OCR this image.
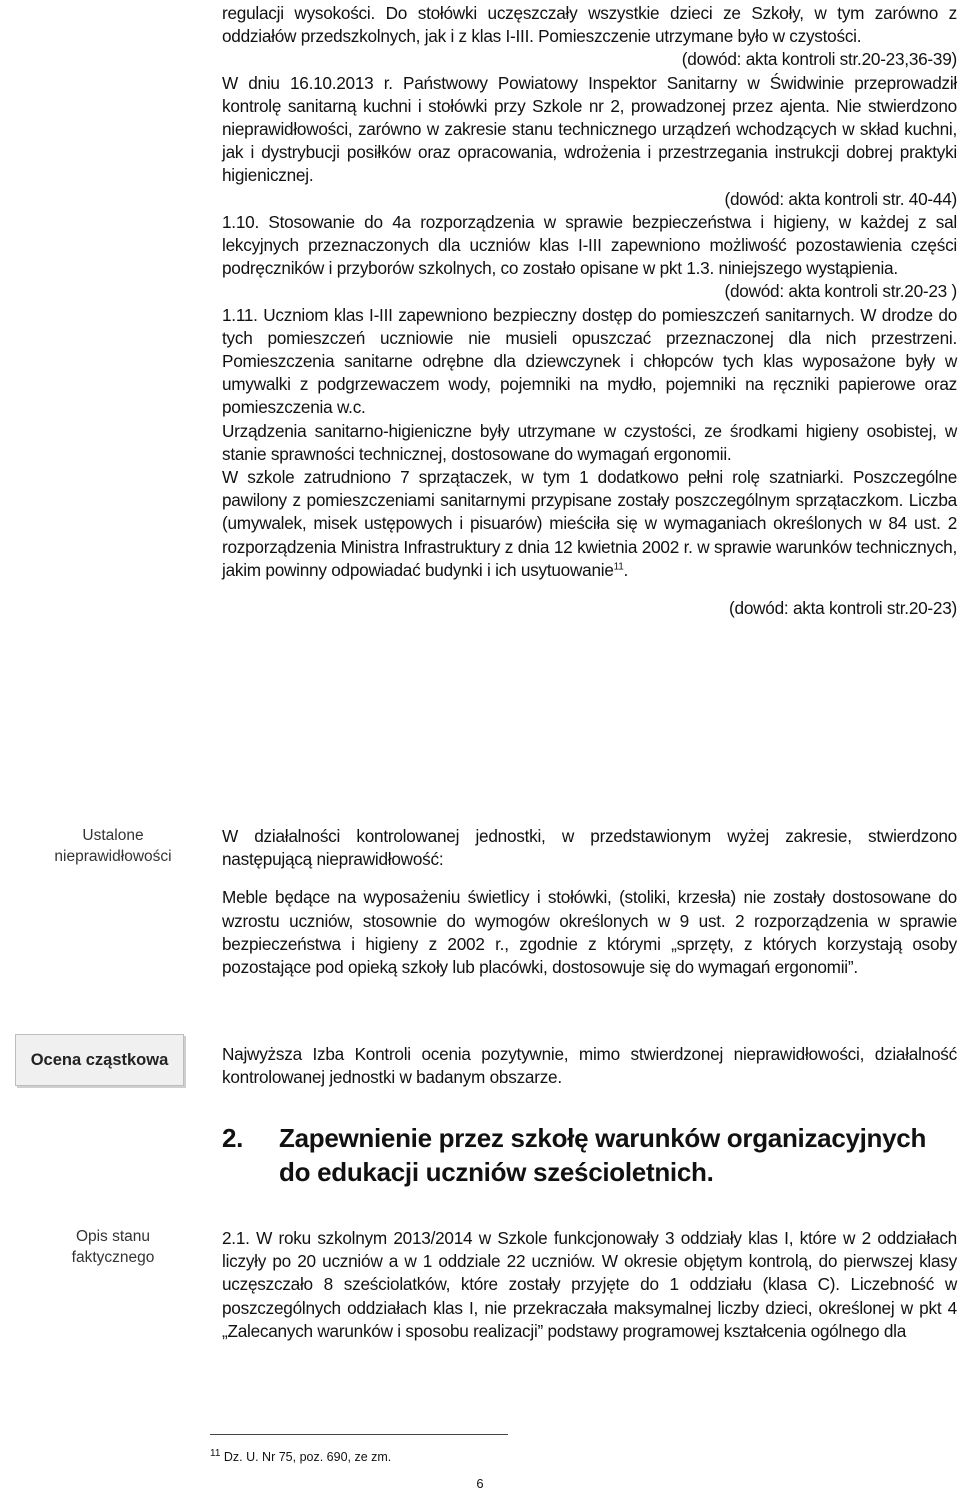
regulacji wysokości. Do stołówki uczęszczały wszystkie dzieci ze Szkoły, w tym zarówno z oddziałów przedszkolnych, jak i z klas I-III. Pomieszczenie utrzymane było w czystości.

(dowód: akta kontroli str.20-23,36-39)

W dniu 16.10.2013 r. Państwowy Powiatowy Inspektor Sanitarny w Świdwinie przeprowadził kontrolę sanitarną kuchni i stołówki przy Szkole nr 2, prowadzonej przez ajenta. Nie stwierdzono nieprawidłowości, zarówno w zakresie stanu technicznego urządzeń wchodzących w skład kuchni, jak i dystrybucji posiłków oraz opracowania, wdrożenia i przestrzegania instrukcji dobrej praktyki higienicznej.

(dowód: akta kontroli str. 40-44)

1.10. Stosowanie do 4a rozporządzenia w sprawie bezpieczeństwa i higieny, w każdej z sal lekcyjnych przeznaczonych dla uczniów klas I-III zapewniono możliwość pozostawienia części podręczników i przyborów szkolnych, co zostało opisane w pkt 1.3. niniejszego wystąpienia.

(dowód: akta kontroli str.20-23 )

1.11. Uczniom klas I-III zapewniono bezpieczny dostęp do pomieszczeń sanitarnych. W drodze do tych pomieszczeń uczniowie nie musieli opuszczać przeznaczonej dla nich przestrzeni. Pomieszczenia sanitarne odrębne dla dziewczynek i chłopców tych klas wyposażone były w umywalki z podgrzewaczem wody, pojemniki na mydło, pojemniki na ręczniki papierowe oraz pomieszczenia w.c.

Urządzenia sanitarno-higieniczne były utrzymane w czystości, ze środkami higieny osobistej, w stanie sprawności technicznej, dostosowane do wymagań ergonomii.

W szkole zatrudniono 7 sprzątaczek, w tym 1 dodatkowo pełni rolę szatniarki. Poszczególne pawilony z pomieszczeniami sanitarnymi przypisane zostały poszczególnym sprzątaczkom. Liczba (umywalek, misek ustępowych i pisuarów) mieściła się w wymaganiach określonych w 84 ust. 2 rozporządzenia Ministra Infrastruktury z dnia 12 kwietnia 2002 r. w sprawie warunków technicznych, jakim powinny odpowiadać budynki i ich usytuowanie$^{11}$.

(dowód: akta kontroli str.20-23)

Ustalone nieprawidłowości
Ocena cząstkowa
Opis stanu faktycznego

W działalności kontrolowanej jednostki, w przedstawionym wyżej zakresie, stwierdzono następującą nieprawidłowość:

Meble będące na wyposażeniu świetlicy i stołówki, (stoliki, krzesła) nie zostały dostosowane do wzrostu uczniów, stosownie do wymogów określonych w 9 ust. 2 rozporządzenia w sprawie bezpieczeństwa i higieny z 2002 r., zgodnie z którymi „sprzęty, z których korzystają osoby pozostające pod opieką szkoły lub placówki, dostosowuje się do wymagań ergonomii”.

Najwyższa Izba Kontroli ocenia pozytywnie, mimo stwierdzonej nieprawidłowości, działalność kontrolowanej jednostki w badanym obszarze.

2. Zapewnienie przez szkołę warunków organizacyjnych do edukacji uczniów sześcioletnich.

2.1. W roku szkolnym 2013/2014 w Szkole funkcjonowały 3 oddziały klas I, które w 2 oddziałach liczyły po 20 uczniów a w 1 oddziale 22 uczniów. W okresie objętym kontrolą, do pierwszej klasy uczęszczało 8 sześciolatków, które zostały przyjęte do 1 oddziału (klasa C). Liczebność w poszczególnych oddziałach klas I, nie przekraczała maksymalnej liczby dzieci, określonej w pkt 4 „Zalecanych warunków i sposobu realizacji” podstawy programowej kształcenia ogólnego dla

$^{11}$ Dz. U. Nr 75, poz. 690, ze zm.
6
